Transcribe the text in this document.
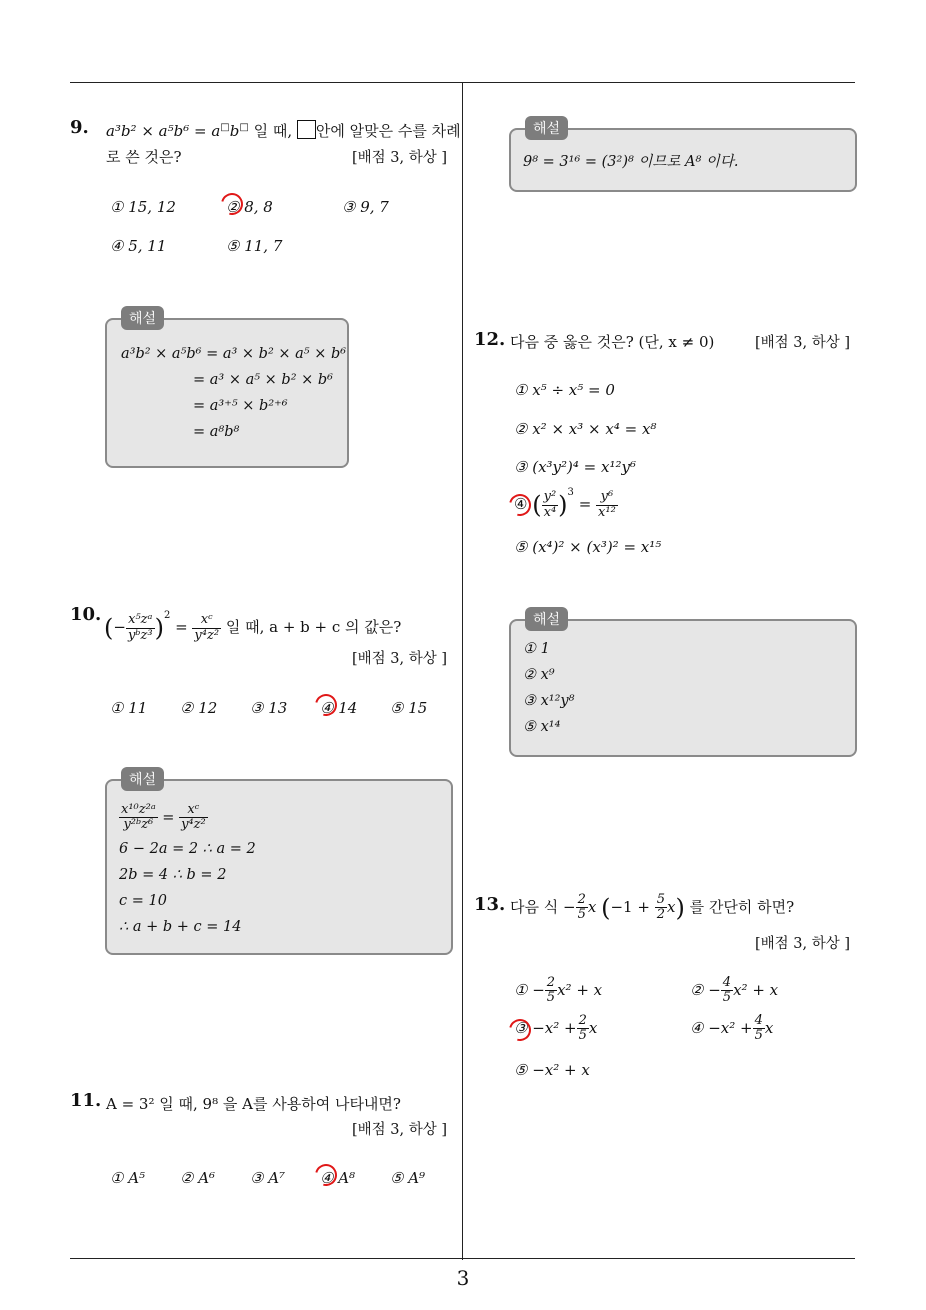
3
9. a³b² × a⁵b⁶ = a□b□ 일 때, 안에 알맞은 수를 차례
로 쓴 것은?	[배점 3, 하상 ]
① 15, 12	② 8, 8	③ 9, 7
④ 5, 11	⑤ 11, 7
해설
a³b² × a⁵b⁶ = a³ × b² × a⁵ × b⁶
= a³ × a⁵ × b² × b⁶
= a³⁺⁵ × b²⁺⁶
= a⁸b⁸
10. (− $\frac{\text{x⁵zᵃ}}{\text{yᵇz³}} )^2 = \frac{\text{xᶜ}}{\text{y⁴z²}}$ 일 때, a + b + c 의 값은?
[배점 3, 하상 ]
① 11 ② 12 ③ 13 ④ 14 ⑤ 15
해설
$\frac{\text{x¹⁰z²ᵃ}}{\text{y²ᵇz⁶}} = \frac{\text{xᶜ}}{\text{y⁴z²}}$
6 − 2a = 2 ∴ a = 2
2b = 4 ∴ b = 2
c = 10
∴ a + b + c = 14
11. A = 3² 일 때, 9⁸ 을 A를 사용하여 나타내면?
[배점 3, 하상 ]
① A⁵ ② A⁶ ③ A⁷ ④ A⁸ ⑤ A⁹
해설
9⁸ = 3¹⁶ = (3²)⁸ 이므로 A⁸ 이다.
12. 다음 중 옳은 것은? (단, x ≠ 0)	[배점 3, 하상 ]
① x⁵ ÷ x⁵ = 0
② x² × x³ × x⁴ = x⁸
③ (x³y²)⁴ = x¹²y⁶
④ ( $\frac{\text{y²}}{\text{x⁴}} )^3 = \frac{\text{y⁶}}{\text{x¹²}}$
⑤ (x⁴)² × (x³)² = x¹⁵
해설
① 1
② x⁹
③ x¹²y⁸
⑤ x¹⁴
13. 다음 식 − $\frac{2}{5}$ x $(-1 + \frac{5}{2} x)$ 를 간단히 하면?
[배점 3, 하상 ]
① − $\frac{2}{5} x^2 + x$	② − $\frac{4}{5} x^2 + x$
③ $-x^2 + \frac{2}{5}$ x	④ $-x^2 + \frac{4}{5}$ x
⑤ −x² + x
